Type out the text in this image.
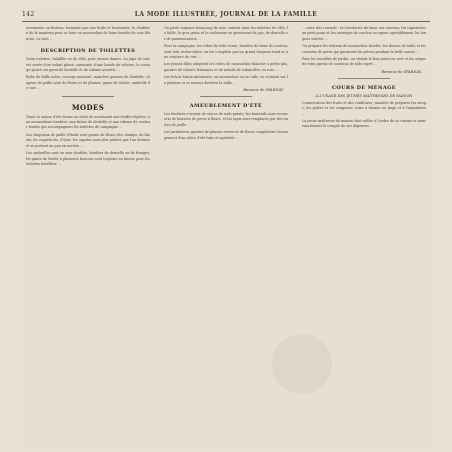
142	LA MODE ILLUSTRÉE, JOURNAL DE LA FAMILLE

ornements ou festons, terminée par une bride et boutonnée, la doublure de la manteau peut se faire en mousseline de laine brodée de soie blanche. Le tout ...

DESCRIPTION DE TOILETTES

Deux toilettes, habillée ou de ville, pour jeunes dames. La jupe de soie est ornée d'un volant plissé, surmonté d'une bande de velours; le corsage ajusté est garni de dentelle et de rubans assortis ...

Robe de faille noire, corsage montant, manches garnies de dentelle; chapeau de paille orné de fleurs et de plumes, gants de Suède, ombrelle de soie ...

MODES

Toute la saison d'été donne un éclat de nouveauté aux étoffes légères, aux mousselines brodées, aux fichus de dentelle et aux rubans de couleur tendre qui accompagnent les toilettes de campagne ...

Les chapeaux de paille d'Italie sont garnis de fleurs des champs, de bluets, de coquelicots, d'épis; les capotes sont plus petites que l'an dernier et se portent un peu en arrière ...

Les ombrelles sont en soie doublée, bordées de dentelle ou de franges; les gants de Suède à plusieurs boutons sont toujours en faveur pour les toilettes habillées ...

On porte toujours beaucoup de noir, surtout dans les toilettes de ville; la faille, le gros grain et le cachemire se garnissent de jais, de dentelle et de passementerie ...

Pour la campagne, les robes de toile écrue, brodées de laine de couleur, sont très recherchées; on les complète par un grand chapeau rond et une ceinture de cuir ...

Les jeunes filles adoptent les robes de mousseline blanche à petits plis, garnies de volants festonnés et de nœuds de ruban bleu ou rose ...

Les fichus Marie-Antoinette, en mousseline ou en tulle, se croisent sur la poitrine et se nouent derrière la taille ...

Baronne de SPARNAY.
AMEUBLEMENT D'ÉTÉ

Les fenêtres s'ornent de stores de toile peinte; les fauteuils sont recouverts de housses de perse à fleurs, et les tapis sont remplacés par des nattes de paille ...

Les jardinières garnies de plantes vertes et de fleurs complètent l'arrangement d'un salon d'été frais et agréable ...

... suite des conseils : les broderies de laine sur canevas, les tapisseries au petit point et les ouvrages de crochet occupent agréablement les longues soirées ...

On prépare les rideaux de mousseline brodée, les dessus de table et les coussins de perse qui garniront les pièces pendant la belle saison ...

Pour les meubles de jardin, on choisit le bois peint en vert et les sièges de rotin garnis de coussins de toile rayée ...

Baronne de SPARNAY.
COURS DE MÉNAGE
À L'USAGE DES JEUNES MAÎTRESSES DE MAISON

Conservation des fruits et des confitures; manière de préparer les sirops, les gelées et les compotes; soins à donner au linge et à l'argenterie ...

La jeune maîtresse de maison doit veiller à l'ordre de sa cuisine et tenir exactement le compte de ses dépenses ...
